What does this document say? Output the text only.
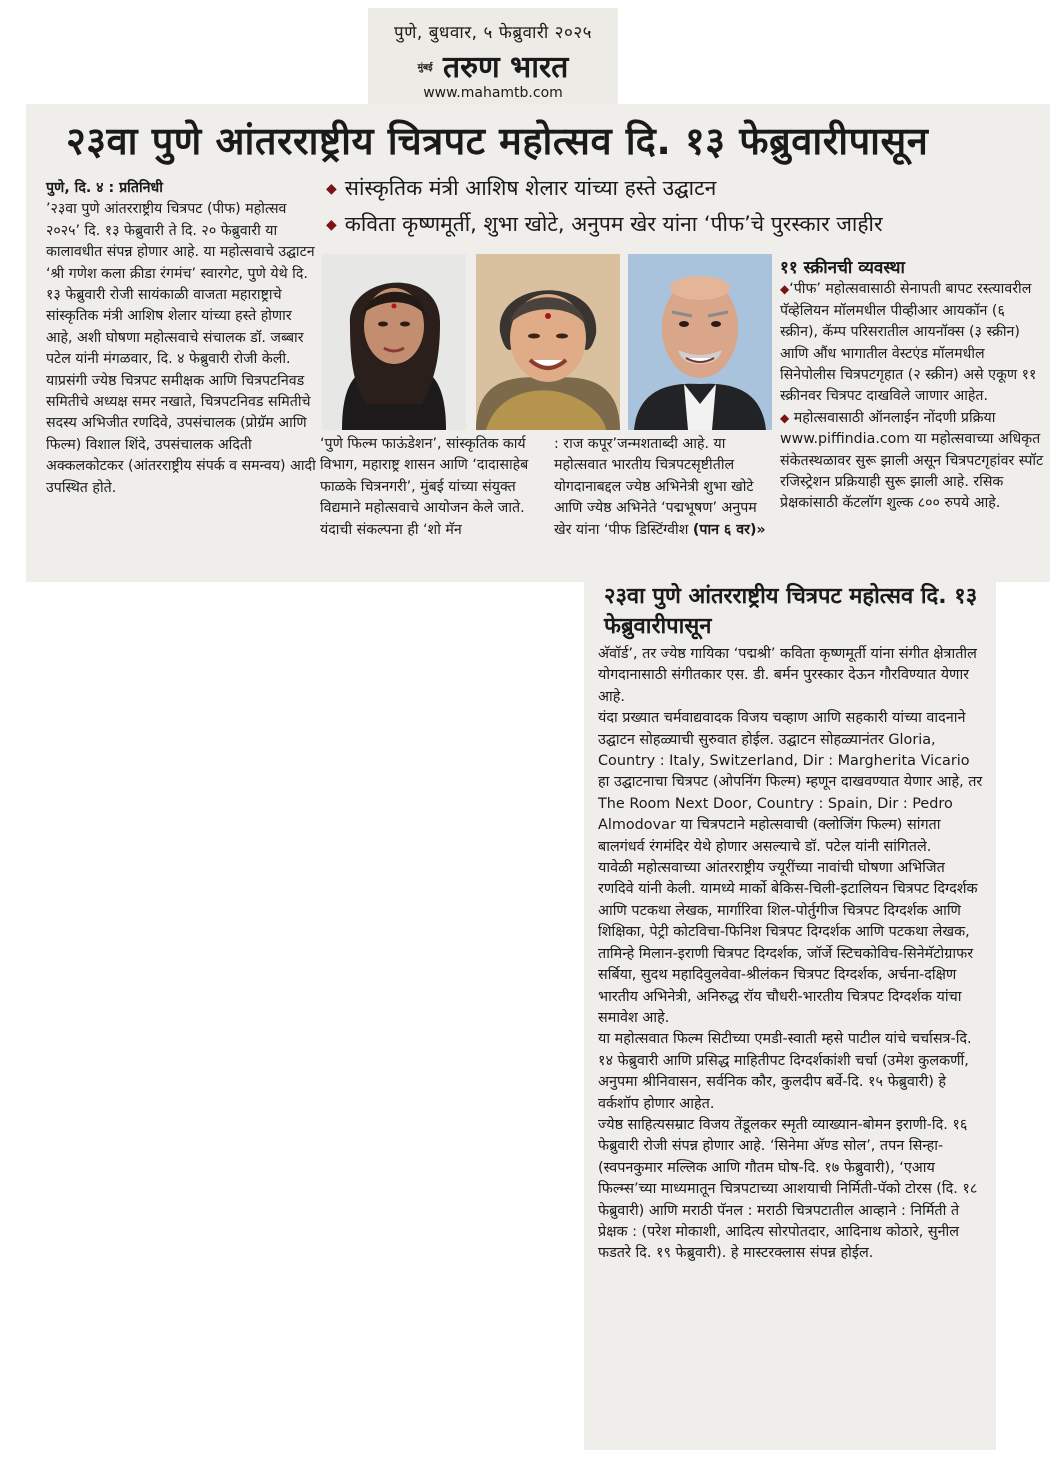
पुणे, बुधवार, ५ फेब्रुवारी २०२५
$^{मुंबई}$ तरुण भारत
www.mahamtb.com
२३वा पुणे आंतरराष्ट्रीय चित्रपट महोत्सव दि. १३ फेब्रुवारीपासून
पुणे, दि. ४ : प्रतिनिधी
’२३वा पुणे आंतरराष्ट्रीय चित्रपट (पीफ) महोत्सव २०२५’ दि. १३ फेब्रुवारी ते दि. २० फेब्रुवारी या कालावधीत संपन्न होणार आहे. या महोत्सवाचे उद्घाटन ‘श्री गणेश कला क्रीडा रंगमंच’ स्वारगेट, पुणे येथे दि. १३ फेब्रुवारी रोजी सायंकाळी वाजता महाराष्ट्राचे सांस्कृतिक मंत्री आशिष शेलार यांच्या हस्ते होणार आहे, अशी घोषणा महोत्सवाचे संचालक डॉ. जब्बार पटेल यांनी मंगळवार, दि. ४ फेब्रुवारी रोजी केली. याप्रसंगी ज्येष्ठ चित्रपट समीक्षक आणि चित्रपटनिवड समितीचे अध्यक्ष समर नखाते, चित्रपटनिवड समितीचे सदस्य अभिजीत रणदिवे, उपसंचालक (प्रोग्रॅम आणि फिल्म) विशाल शिंदे, उपसंचालक अदिती अक्कलकोटकर (आंतरराष्ट्रीय संपर्क व समन्वय) आदी उपस्थित होते.
◆ सांस्कृतिक मंत्री आशिष शेलार यांच्या हस्ते उद्घाटन
◆ कविता कृष्णमूर्ती, शुभा खोटे, अनुपम खेर यांना ‘पीफ’चे पुरस्कार जाहीर
‘पुणे फिल्म फाऊंडेशन’, सांस्कृतिक कार्य विभाग, महाराष्ट्र शासन आणि ‘दादासाहेब फाळके चित्रनगरी’, मुंबई यांच्या संयुक्त विद्यमाने महोत्सवाचे आयोजन केले जाते. यंदाची संकल्पना ही ‘शो मॅन
: राज कपूर’जन्मशताब्दी आहे. या महोत्सवात भारतीय चित्रपटसृष्टीतील योगदानाबद्दल ज्येष्ठ अभिनेत्री शुभा खोटे आणि ज्येष्ठ अभिनेते ‘पद्मभूषण’ अनुपम खेर यांना ‘पीफ डिस्टिंग्वीश (पान ६ वर)»
११ स्क्रीनची व्यवस्था
◆‘पीफ’ महोत्सवासाठी सेनापती बापट रस्त्यावरील पॅव्हेलियन मॉलमधील पीव्हीआर आयकॉन (६ स्क्रीन), कॅम्प परिसरातील आयनॉक्स (३ स्क्रीन) आणि औंध भागातील वेस्टएंड मॉलमधील सिनेपोलीस चित्रपटगृहात (२ स्क्रीन) असे एकूण ११ स्क्रीनवर चित्रपट दाखविले जाणार आहेत.
◆ महोत्सवासाठी ऑनलाईन नोंदणी प्रक्रिया www.piffindia.com या महोत्सवाच्या अधिकृत संकेतस्थळावर सुरू झाली असून चित्रपटगृहांवर स्पॉट रजिस्ट्रेशन प्रक्रियाही सुरू झाली आहे. रसिक प्रेक्षकांसाठी कॅटलॉग शुल्क ८०० रुपये आहे.
२३वा पुणे आंतरराष्ट्रीय चित्रपट महोत्सव दि. १३ फेब्रुवारीपासून

अ‍ॅवॉर्ड’, तर ज्येष्ठ गायिका ‘पद्मश्री’ कविता कृष्णमूर्ती यांना संगीत क्षेत्रातील योगदानासाठी संगीतकार एस. डी. बर्मन पुरस्कार देऊन गौरविण्यात येणार आहे.

यंदा प्रख्यात चर्मवाद्यवादक विजय चव्हाण आणि सहकारी यांच्या वादनाने उद्घाटन सोहळ्याची सुरुवात होईल. उद्घाटन सोहळ्यानंतर Gloria, Country : Italy, Switzerland, Dir : Margherita Vicario हा उद्घाटनाचा चित्रपट (ओपनिंग फिल्म) म्हणून दाखवण्यात येणार आहे, तर The Room Next Door, Country : Spain, Dir : Pedro Almodovar या चित्रपटाने महोत्सवाची (क्लोजिंग फिल्म) सांगता बालगंधर्व रंगमंदिर येथे होणार असल्याचे डॉ. पटेल यांनी सांगितले.

यावेळी महोत्सवाच्या आंतरराष्ट्रीय ज्यूरींच्या नावांची घोषणा अभिजित रणदिवे यांनी केली. यामध्ये मार्को बेकिस-चिली-इटालियन चित्रपट दिग्दर्शक आणि पटकथा लेखक, मार्गारिवा शिल-पोर्तुगीज चित्रपट दिग्दर्शक आणि शिक्षिका, पेट्री कोटविचा-फिनिश चित्रपट दिग्दर्शक आणि पटकथा लेखक, तामिन्हे मिलान-इराणी चित्रपट दिग्दर्शक, जॉर्जे स्टिचकोविच-सिनेमॅटोग्राफर सर्बिया, सुदथ महादिवुलवेवा-श्रीलंकन चित्रपट दिग्दर्शक, अर्चना-दक्षिण भारतीय अभिनेत्री, अनिरुद्ध रॉय चौधरी-भारतीय चित्रपट दिग्दर्शक यांचा समावेश आहे.

या महोत्सवात फिल्म सिटीच्या एमडी-स्वाती म्हसे पाटील यांचे चर्चासत्र-दि. १४ फेब्रुवारी आणि प्रसिद्ध माहितीपट दिग्दर्शकांशी चर्चा (उमेश कुलकर्णी, अनुपमा श्रीनिवासन, सर्वनिक कौर, कुलदीप बर्वे-दि. १५ फेब्रुवारी) हे वर्कशॉप होणार आहेत.

ज्येष्ठ साहित्यसम्राट विजय तेंडूलकर स्मृती व्याख्यान-बोमन इराणी-दि. १६ फेब्रुवारी रोजी संपन्न होणार आहे. ‘सिनेमा अ‍ॅण्ड सोल’, तपन सिन्हा-(स्वपनकुमार मल्लिक आणि गौतम घोष-दि. १७ फेब्रुवारी), ‘एआय फिल्म्स’च्या माध्यमातून चित्रपटाच्या आशयाची निर्मिती-पॅको टोरस (दि. १८ फेब्रुवारी) आणि मराठी पॅनल : मराठी चित्रपटातील आव्हाने : निर्मिती ते प्रेक्षक : (परेश मोकाशी, आदित्य सोरपोतदार, आदिनाथ कोठारे, सुनील फडतरे दि. १९ फेब्रुवारी). हे मास्टरक्लास संपन्न होईल.
